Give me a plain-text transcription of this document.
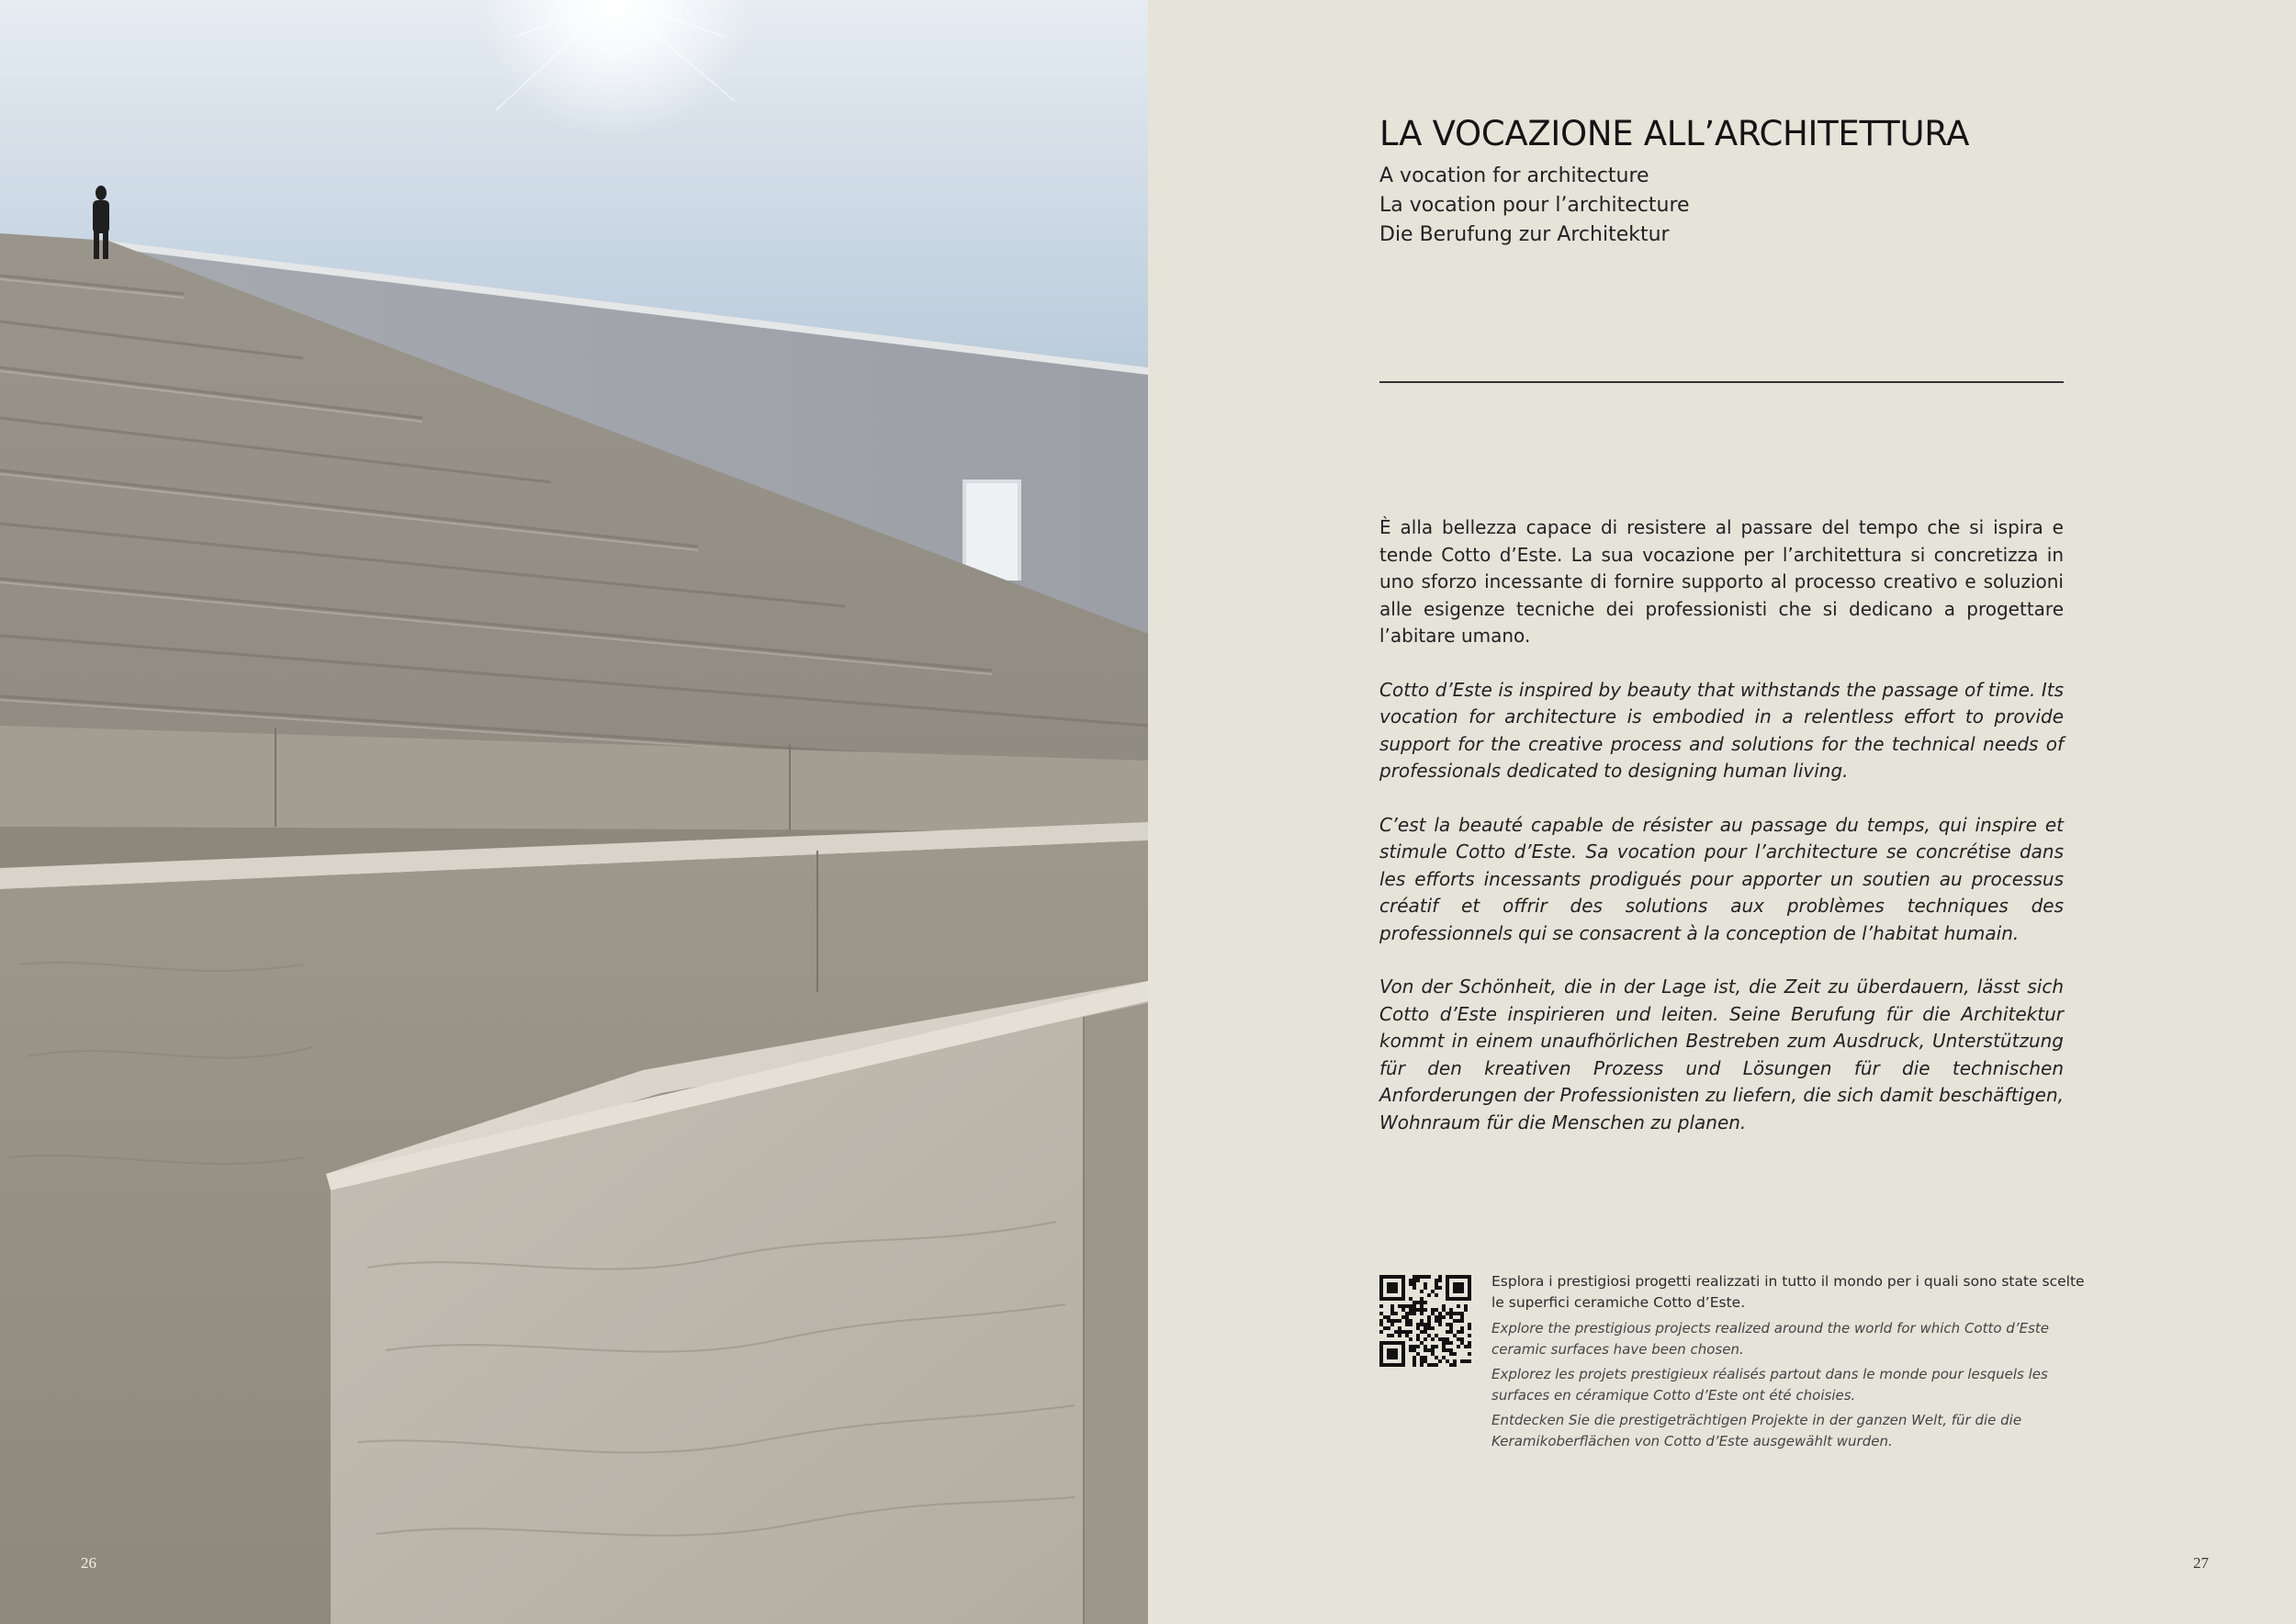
26
LA VOCAZIONE ALL’ARCHITETTURA
A vocation for architecture
La vocation pour l’architecture
Die Berufung zur Architektur

È alla bellezza capace di resistere al passare del tempo che si ispira e tende Cotto d’Este. La sua vocazione per l’architettura si concretizza in uno sforzo incessante di fornire supporto al processo creativo e soluzioni alle esigenze tecniche dei professionisti che si dedicano a progettare l’abitare umano.

Cotto d’Este is inspired by beauty that withstands the passage of time. Its vocation for architecture is embodied in a relentless effort to provide support for the creative process and solutions for the technical needs of professionals dedicated to designing human living.

C’est la beauté capable de résister au passage du temps, qui inspire et stimule Cotto d’Este. Sa vocation pour l’architecture se concrétise dans les efforts incessants prodigués pour apporter un soutien au processus créatif et offrir des solutions aux problèmes techniques des professionnels qui se consacrent à la conception de l’habitat humain.

Von der Schönheit, die in der Lage ist, die Zeit zu überdauern, lässt sich Cotto d’Este inspirieren und leiten. Seine Berufung für die Architektur kommt in einem unaufhörlichen Bestreben zum Ausdruck, Unterstützung für den kreativen Prozess und Lösungen für die technischen Anforderungen der Professionisten zu liefern, die sich damit beschäftigen, Wohnraum für die Menschen zu planen.

Esplora i prestigiosi progetti realizzati in tutto il mondo per i quali sono state scelte le superfici ceramiche Cotto d’Este.

Explore the prestigious projects realized around the world for which Cotto d’Este ceramic surfaces have been chosen.

Explorez les projets prestigieux réalisés partout dans le monde pour lesquels les surfaces en céramique Cotto d’Este ont été choisies.

Entdecken Sie die prestigeträchtigen Projekte in der ganzen Welt, für die die Keramikoberflächen von Cotto d’Este ausgewählt wurden.

27
